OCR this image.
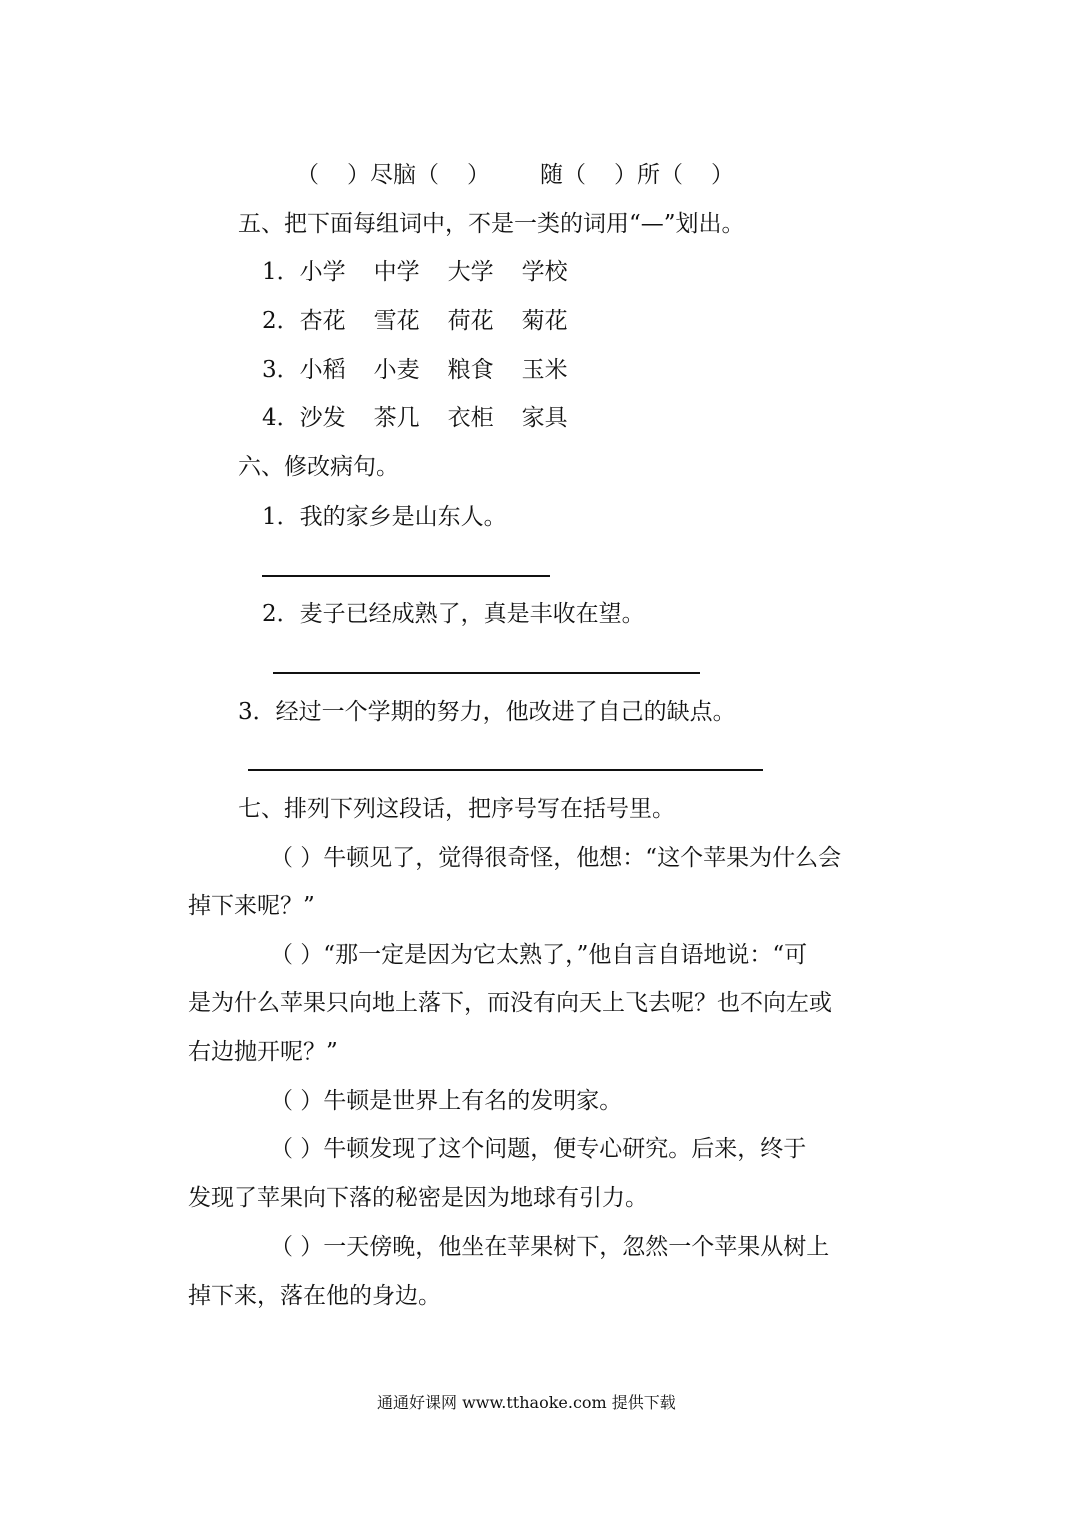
（ ）尽脑（ ） 随（ ）所（ ）
五、把下面每组词中，不是一类的词用“—”划出。
1．小学 中学 大学 学校
2．杏花 雪花 荷花 菊花
3．小稻 小麦 粮食 玉米
4．沙发 茶几 衣柜 家具
六、修改病句。
1．我的家乡是山东人。
2．麦子已经成熟了，真是丰收在望。
3．经过一个学期的努力，他改进了自己的缺点。
七、排列下列这段话，把序号写在括号里。
（ ）牛顿见了，觉得很奇怪，他想：“这个苹果为什么会
掉下来呢？”
（ ）“那一定是因为它太熟了，”他自言自语地说：“可
是为什么苹果只向地上落下，而没有向天上飞去呢？也不向左或
右边抛开呢？”
（ ）牛顿是世界上有名的发明家。
（ ）牛顿发现了这个问题，便专心研究。后来，终于
发现了苹果向下落的秘密是因为地球有引力。
（ ）一天傍晚，他坐在苹果树下，忽然一个苹果从树上
掉下来，落在他的身边。
通通好课网 www.tthaoke.com 提供下载
